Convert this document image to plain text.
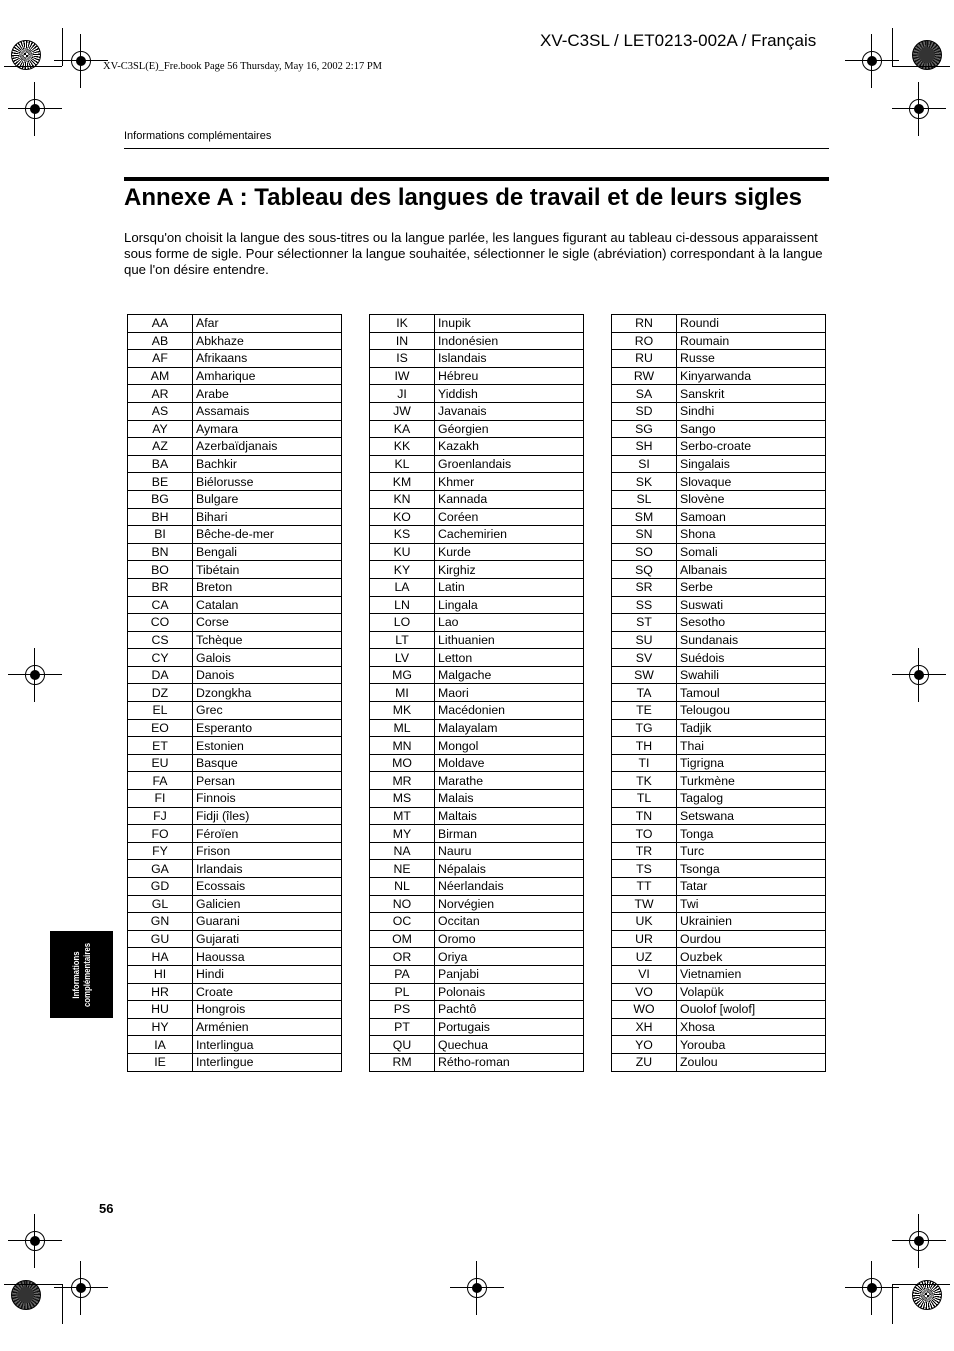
XV-C3SL / LET0213-002A / Français
XV-C3SL(E)_Fre.book Page 56 Thursday, May 16, 2002 2:17 PM
Informations complémentaires
Annexe A : Tableau des langues de travail et de leurs sigles

Lorsqu'on choisit la langue des sous-titres ou la langue parlée, les langues figurant au tableau ci-dessous apparaissent sous forme de sigle. Pour sélectionner la langue souhaitée, sélectionner le sigle (abréviation) correspondant à la langue que l'on désire entendre.

AA	Afar
AB	Abkhaze
AF	Afrikaans
AM	Amharique
AR	Arabe
AS	Assamais
AY	Aymara
AZ	Azerbaïdjanais
BA	Bachkir
BE	Biélorusse
BG	Bulgare
BH	Bihari
BI	Bêche-de-mer
BN	Bengali
BO	Tibétain
BR	Breton
CA	Catalan
CO	Corse
CS	Tchèque
CY	Galois
DA	Danois
DZ	Dzongkha
EL	Grec
EO	Esperanto
ET	Estonien
EU	Basque
FA	Persan
FI	Finnois
FJ	Fidji (îles)
FO	Féroïen
FY	Frison
GA	Irlandais
GD	Ecossais
GL	Galicien
GN	Guarani
GU	Gujarati
HA	Haoussa
HI	Hindi
HR	Croate
HU	Hongrois
HY	Arménien
IA	Interlingua
IE	Interlingue
IK	Inupik
IN	Indonésien
IS	Islandais
IW	Hébreu
JI	Yiddish
JW	Javanais
KA	Géorgien
KK	Kazakh
KL	Groenlandais
KM	Khmer
KN	Kannada
KO	Coréen
KS	Cachemirien
KU	Kurde
KY	Kirghiz
LA	Latin
LN	Lingala
LO	Lao
LT	Lithuanien
LV	Letton
MG	Malgache
MI	Maori
MK	Macédonien
ML	Malayalam
MN	Mongol
MO	Moldave
MR	Marathe
MS	Malais
MT	Maltais
MY	Birman
NA	Nauru
NE	Népalais
NL	Néerlandais
NO	Norvégien
OC	Occitan
OM	Oromo
OR	Oriya
PA	Panjabi
PL	Polonais
PS	Pachtô
PT	Portugais
QU	Quechua
RM	Rétho-roman
RN	Roundi
RO	Roumain
RU	Russe
RW	Kinyarwanda
SA	Sanskrit
SD	Sindhi
SG	Sango
SH	Serbo-croate
SI	Singalais
SK	Slovaque
SL	Slovène
SM	Samoan
SN	Shona
SO	Somali
SQ	Albanais
SR	Serbe
SS	Suswati
ST	Sesotho
SU	Sundanais
SV	Suédois
SW	Swahili
TA	Tamoul
TE	Telougou
TG	Tadjik
TH	Thai
TI	Tigrigna
TK	Turkmène
TL	Tagalog
TN	Setswana
TO	Tonga
TR	Turc
TS	Tsonga
TT	Tatar
TW	Twi
UK	Ukrainien
UR	Ourdou
UZ	Ouzbek
VI	Vietnamien
VO	Volapük
WO	Ouolof [wolof]
XH	Xhosa
YO	Yorouba
ZU	Zoulou
Informations complémentaires
56
